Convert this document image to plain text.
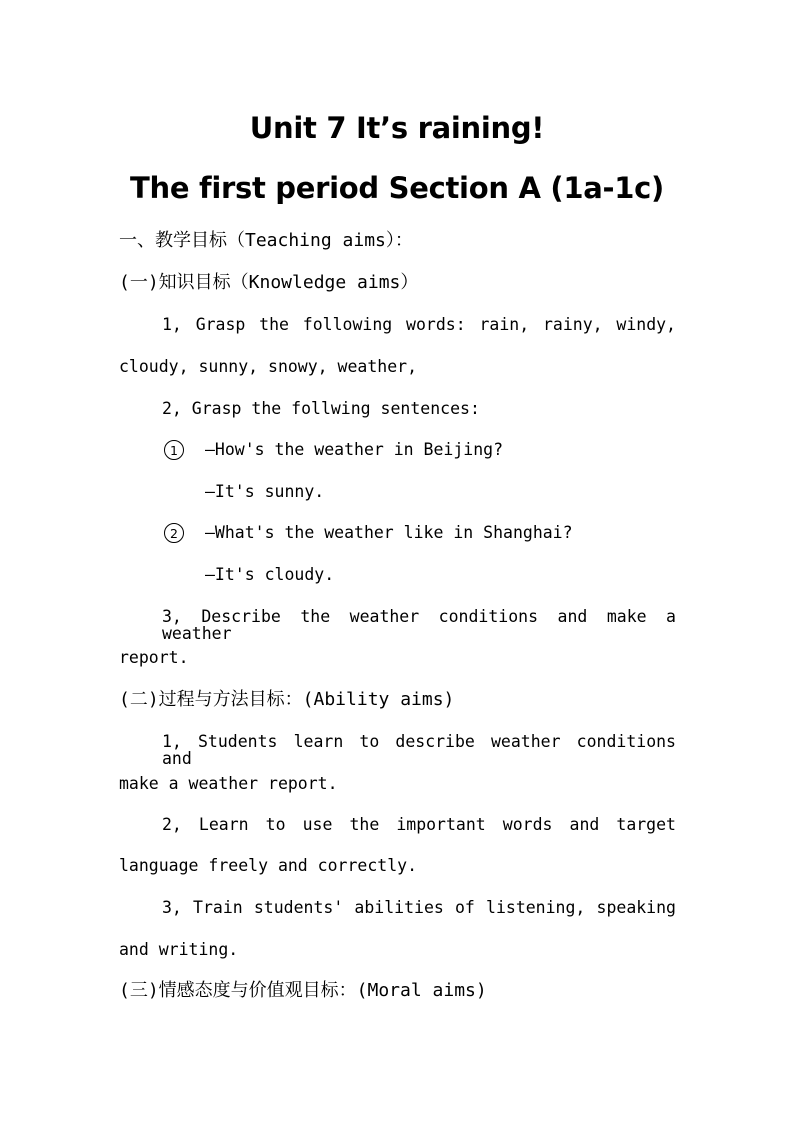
Unit 7 It’s raining!
The first period Section A (1a-1c)
一、教学目标（Teaching aims）：
(一)知识目标（Knowledge aims）
1, Grasp the following words: rain, rainy, windy,
cloudy, sunny, snowy, weather,
2, Grasp the follwing sentences:
1	—How's the weather in Beijing?
—It's sunny.
2	—What's the weather like in Shanghai?
—It's cloudy.
3, Describe the weather conditions and make a weather
report.
(二)过程与方法目标：(Ability aims)
1, Students learn to describe weather conditions and
make a weather report.
2, Learn to use the important words and target
language freely and correctly.
3, Train students' abilities of listening, speaking
and writing.
(三)情感态度与价值观目标：(Moral aims)
